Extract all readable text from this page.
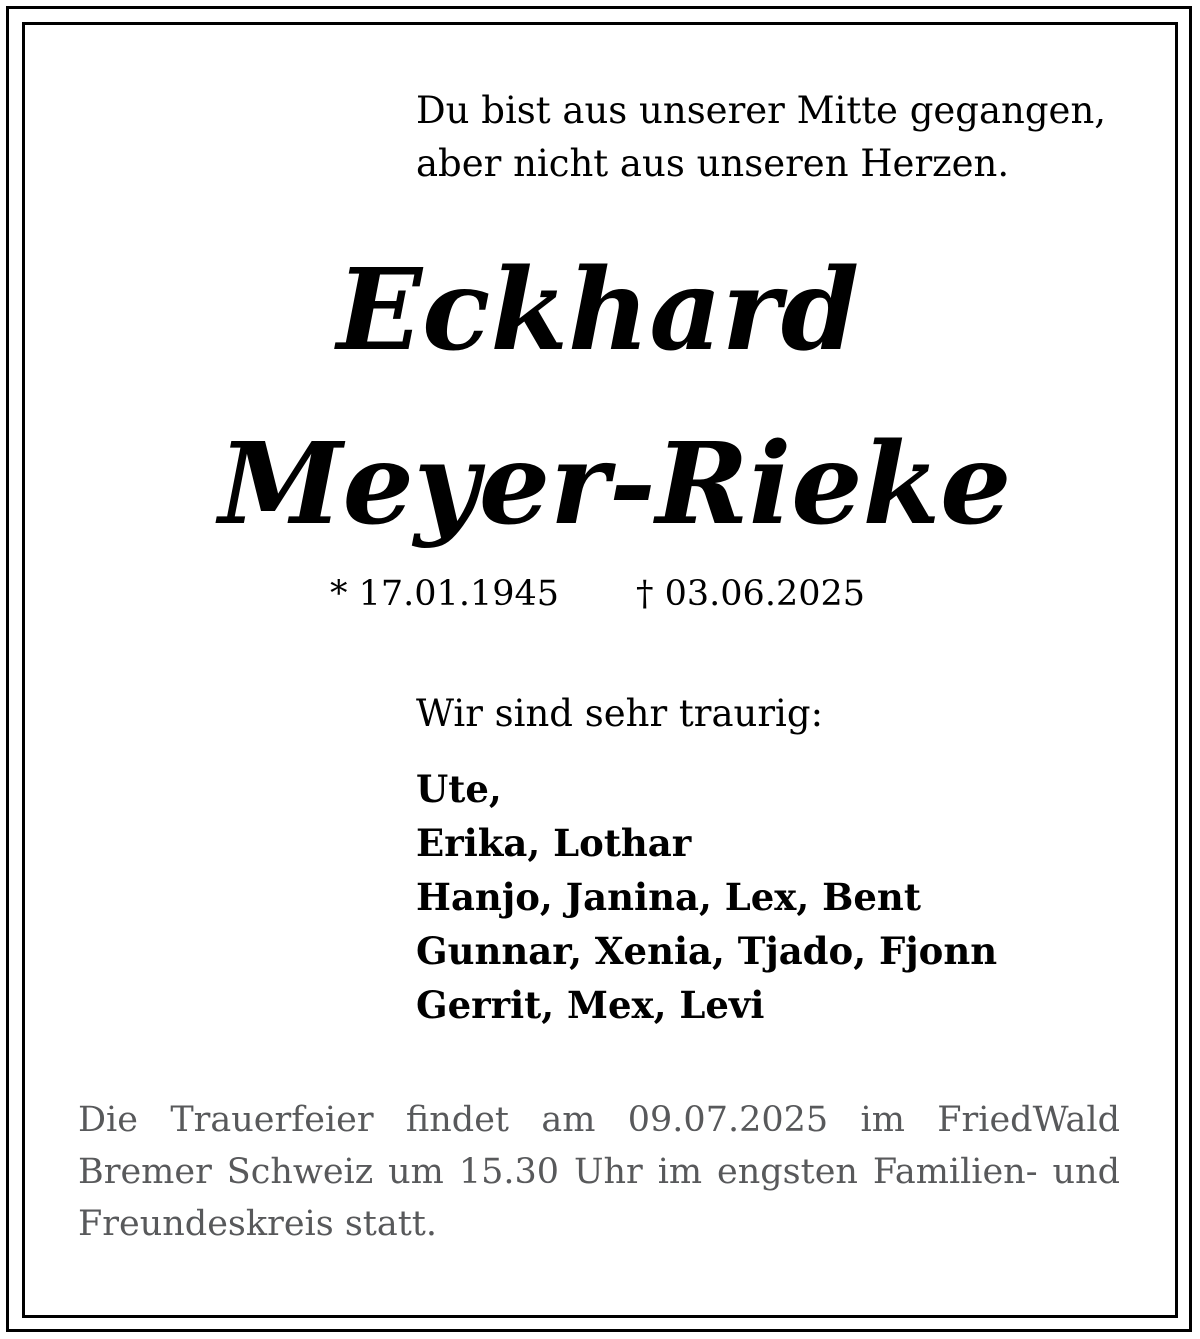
Du bist aus unserer Mitte gegangen,
aber nicht aus unseren Herzen.
Eckhard
Meyer-Rieke
* 17.01.1945 † 03.06.2025
Wir sind sehr traurig:
Ute,
Erika, Lothar
Hanjo, Janina, Lex, Bent
Gunnar, Xenia, Tjado, Fjonn
Gerrit, Mex, Levi
Die Trauerfeier findet am 09.07.2025 im FriedWald Bremer Schweiz um 15.30 Uhr im engsten Familien- und Freundeskreis statt.
